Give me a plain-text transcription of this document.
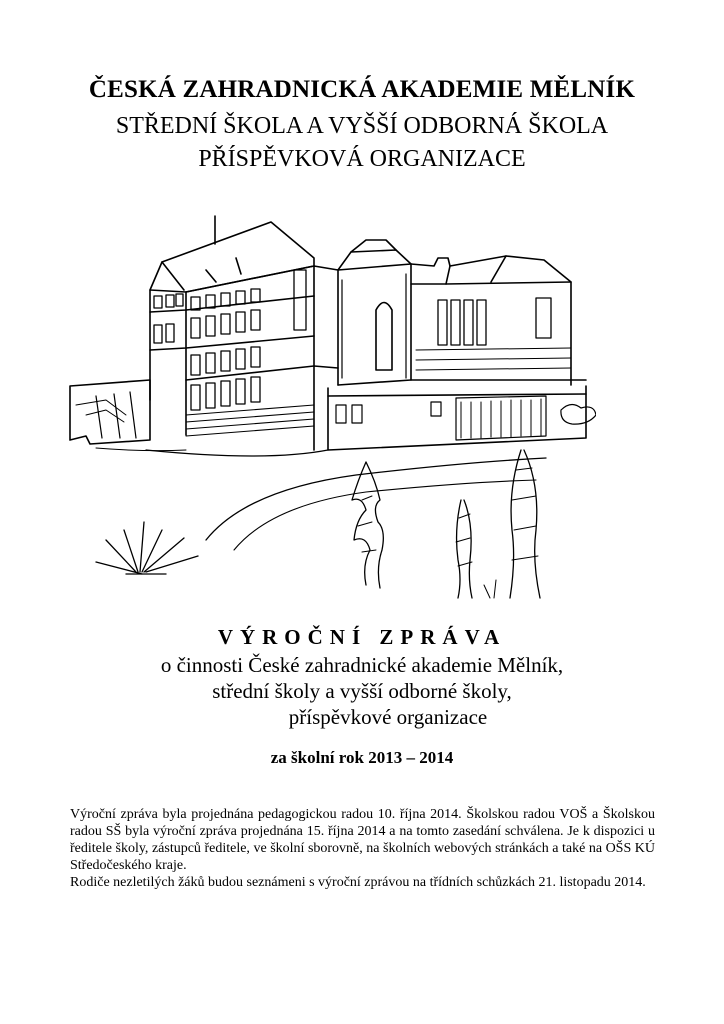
ČESKÁ ZAHRADNICKÁ AKADEMIE MĚLNÍK
STŘEDNÍ ŠKOLA A VYŠŠÍ ODBORNÁ ŠKOLA
PŘÍSPĚVKOVÁ ORGANIZACE
VÝROČNÍ ZPRÁVA
o činnosti České zahradnické akademie Mělník,
střední školy a vyšší odborné školy,
příspěvkové organizace
za školní rok 2013 – 2014

Výroční zpráva byla projednána pedagogickou radou 10. října 2014. Školskou radou VOŠ a Školskou radou SŠ byla výroční zpráva projednána 15. října 2014 a na tomto zasedání schválena. Je k dispozici u ředitele školy, zástupců ředitele, ve školní sborovně, na školních webových stránkách a také na OŠS KÚ Středočeského kraje.

Rodiče nezletilých žáků budou seznámeni s výroční zprávou na třídních schůzkách 21. listopadu 2014.
